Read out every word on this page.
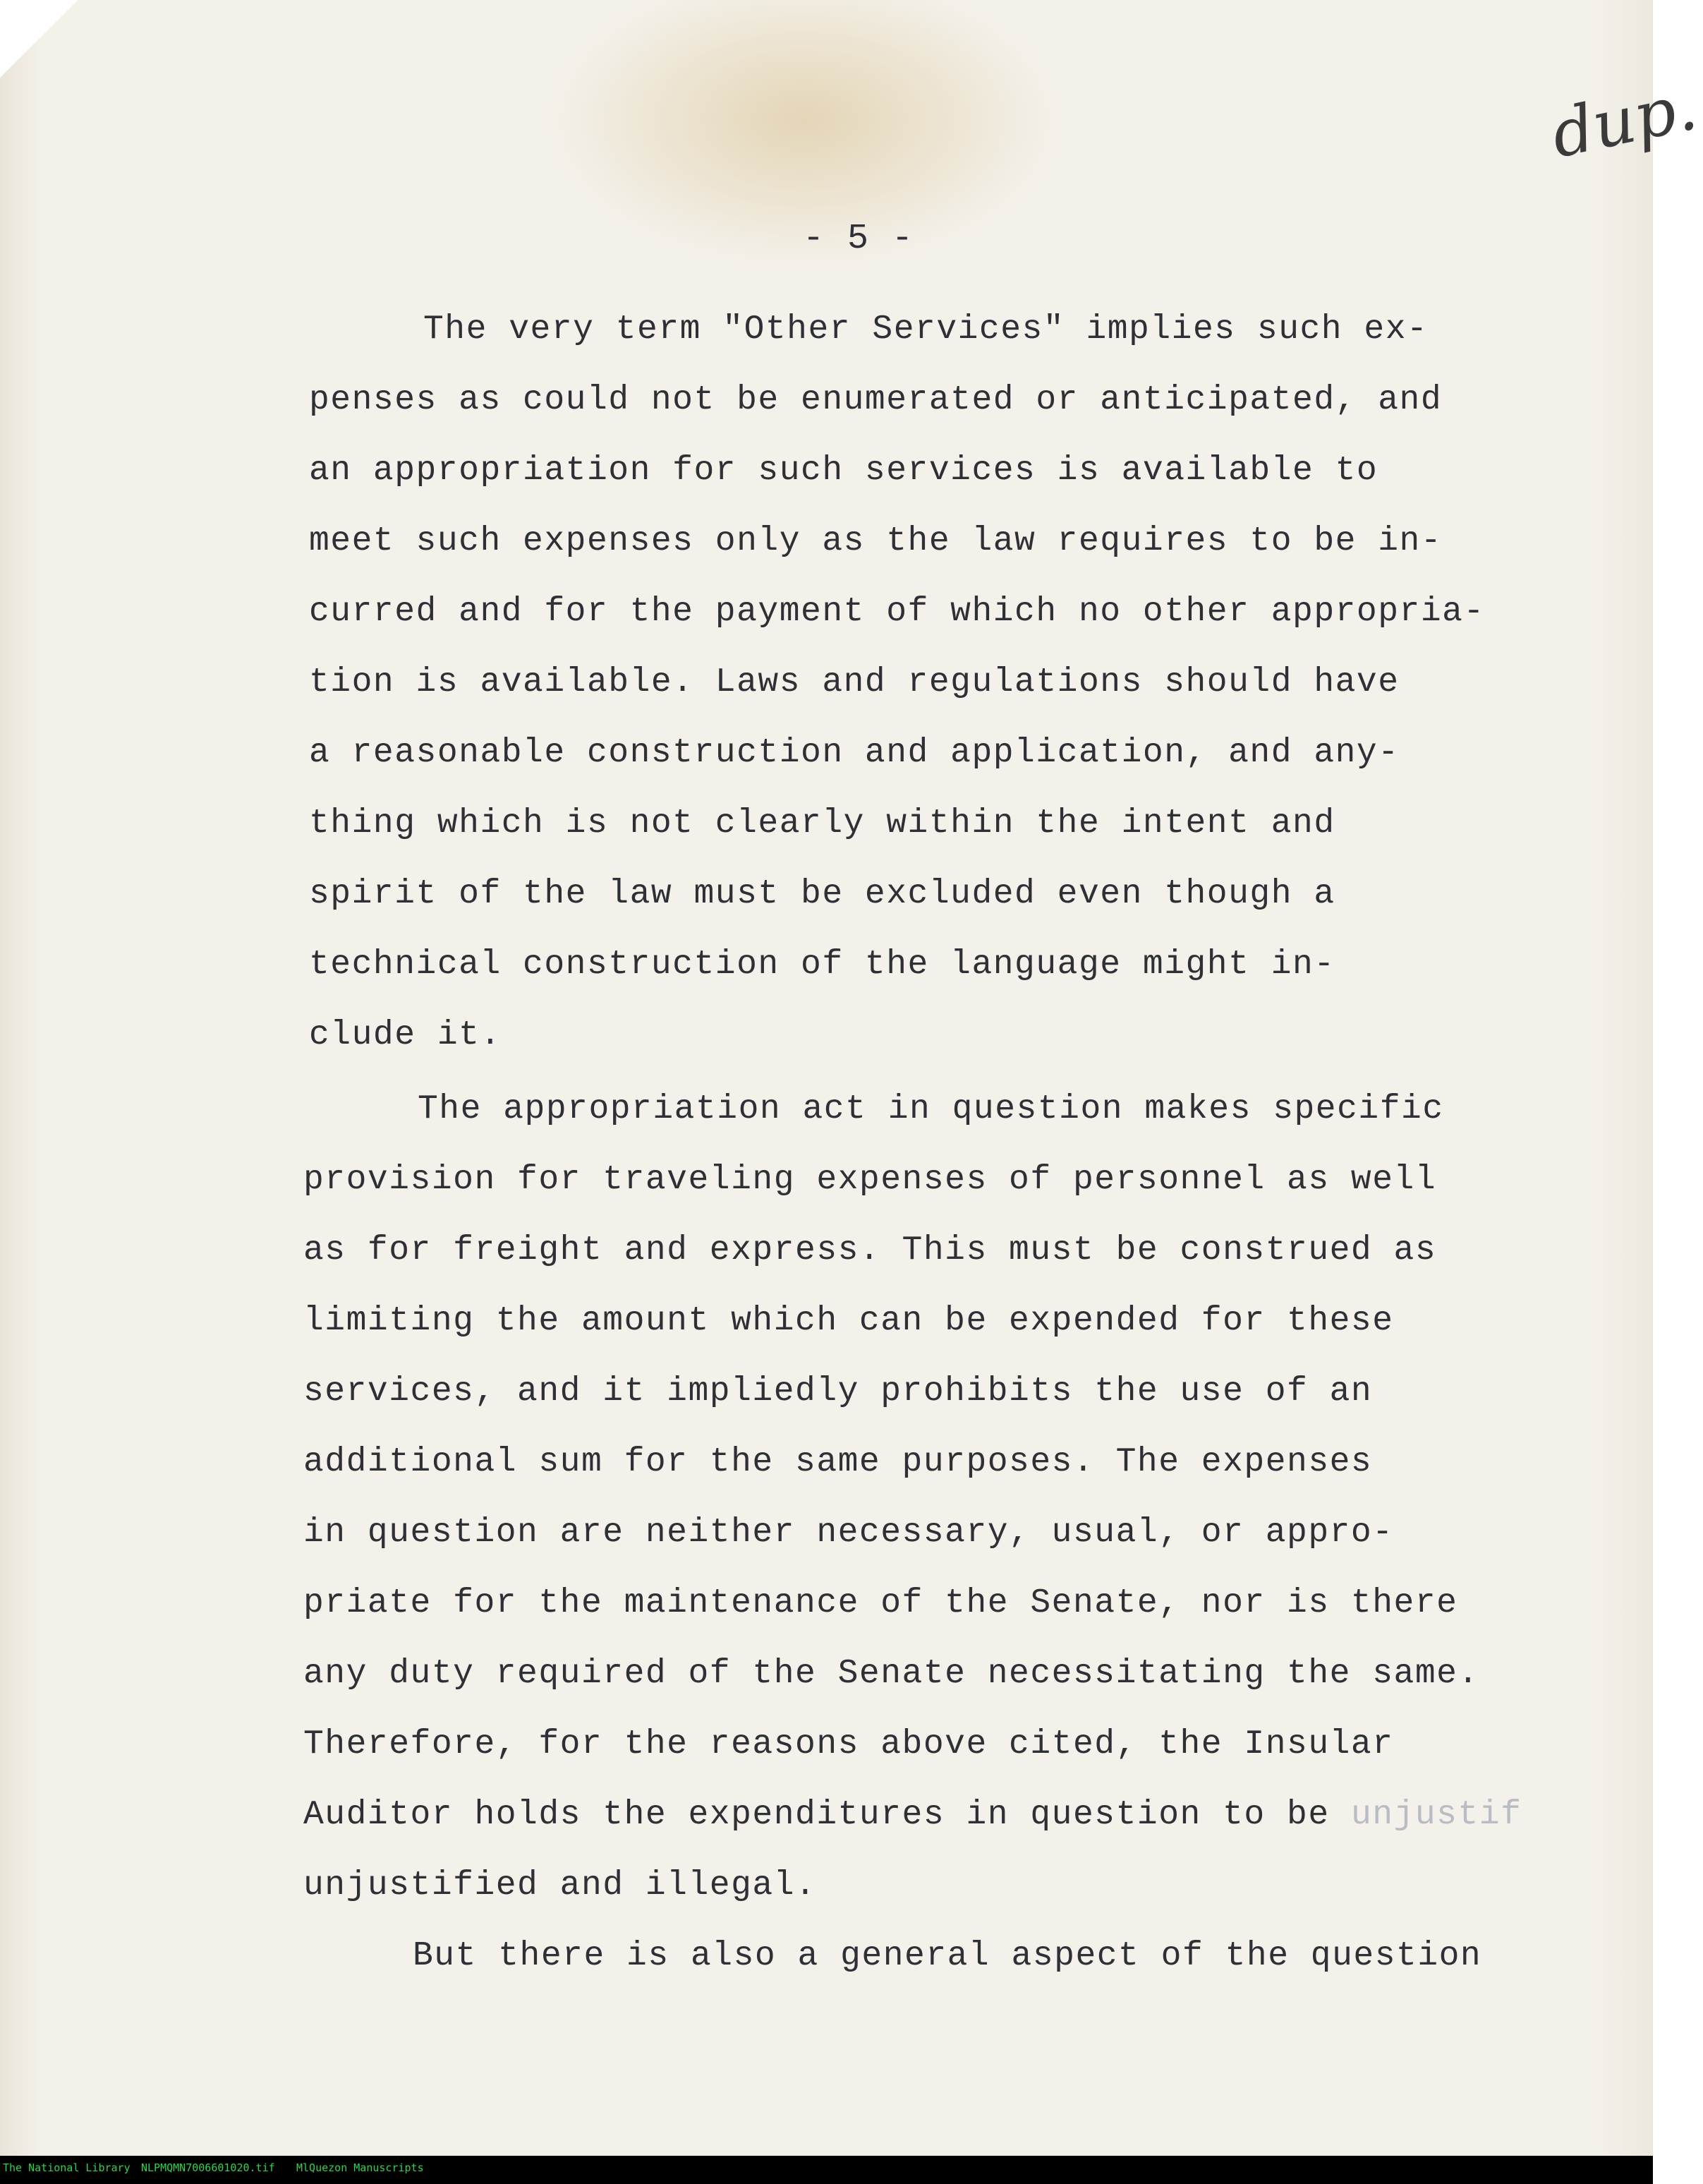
dup.
- 5 -
The very term "Other Services" implies such ex-
penses as could not be enumerated or anticipated, and
an appropriation for such services is available to
meet such expenses only as the law requires to be in-
curred and for the payment of which no other appropria-
tion is available. Laws and regulations should have
a reasonable construction and application, and any-
thing which is not clearly within the intent and
spirit of the law must be excluded even though a
technical construction of the language might in-
clude it.
The appropriation act in question makes specific
provision for traveling expenses of personnel as well
as for freight and express. This must be construed as
limiting the amount which can be expended for these
services, and it impliedly prohibits the use of an
additional sum for the same purposes. The expenses
in question are neither necessary, usual, or appro-
priate for the maintenance of the Senate, nor is there
any duty required of the Senate necessitating the same.
Therefore, for the reasons above cited, the Insular
Auditor holds the expenditures in question to be unjustif
unjustified and illegal.
But there is also a general aspect of the question
The National Library NLPMQMN7006601020.tif MlQuezon Manuscripts
